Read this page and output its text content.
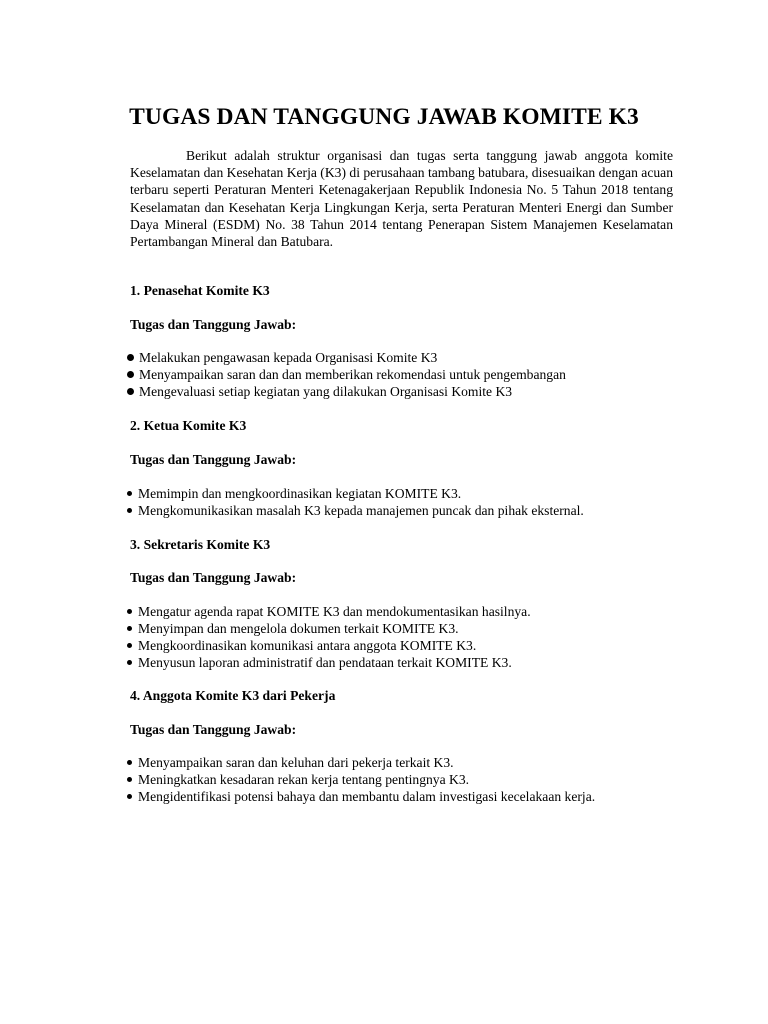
TUGAS DAN TANGGUNG JAWAB KOMITE K3

Berikut adalah struktur organisasi dan tugas serta tanggung jawab anggota komite Keselamatan dan Kesehatan Kerja (K3) di perusahaan tambang batubara, disesuaikan dengan acuan terbaru seperti Peraturan Menteri Ketenagakerjaan Republik Indonesia No. 5 Tahun 2018 tentang Keselamatan dan Kesehatan Kerja Lingkungan Kerja, serta Peraturan Menteri Energi dan Sumber Daya Mineral (ESDM) No. 38 Tahun 2014 tentang Penerapan Sistem Manajemen Keselamatan Pertambangan Mineral dan Batubara.

1. Penasehat Komite K3

Tugas dan Tanggung Jawab:

Melakukan pengawasan kepada Organisasi Komite K3
Menyampaikan saran dan dan memberikan rekomendasi untuk pengembangan
Mengevaluasi setiap kegiatan yang dilakukan Organisasi Komite K3

2. Ketua Komite K3

Tugas dan Tanggung Jawab:

Memimpin dan mengkoordinasikan kegiatan KOMITE K3.
Mengkomunikasikan masalah K3 kepada manajemen puncak dan pihak eksternal.

3. Sekretaris Komite K3

Tugas dan Tanggung Jawab:

Mengatur agenda rapat KOMITE K3 dan mendokumentasikan hasilnya.
Menyimpan dan mengelola dokumen terkait KOMITE K3.
Mengkoordinasikan komunikasi antara anggota KOMITE K3.
Menyusun laporan administratif dan pendataan terkait KOMITE K3.

4. Anggota Komite K3 dari Pekerja

Tugas dan Tanggung Jawab:

Menyampaikan saran dan keluhan dari pekerja terkait K3.
Meningkatkan kesadaran rekan kerja tentang pentingnya K3.
Mengidentifikasi potensi bahaya dan membantu dalam investigasi kecelakaan kerja.
